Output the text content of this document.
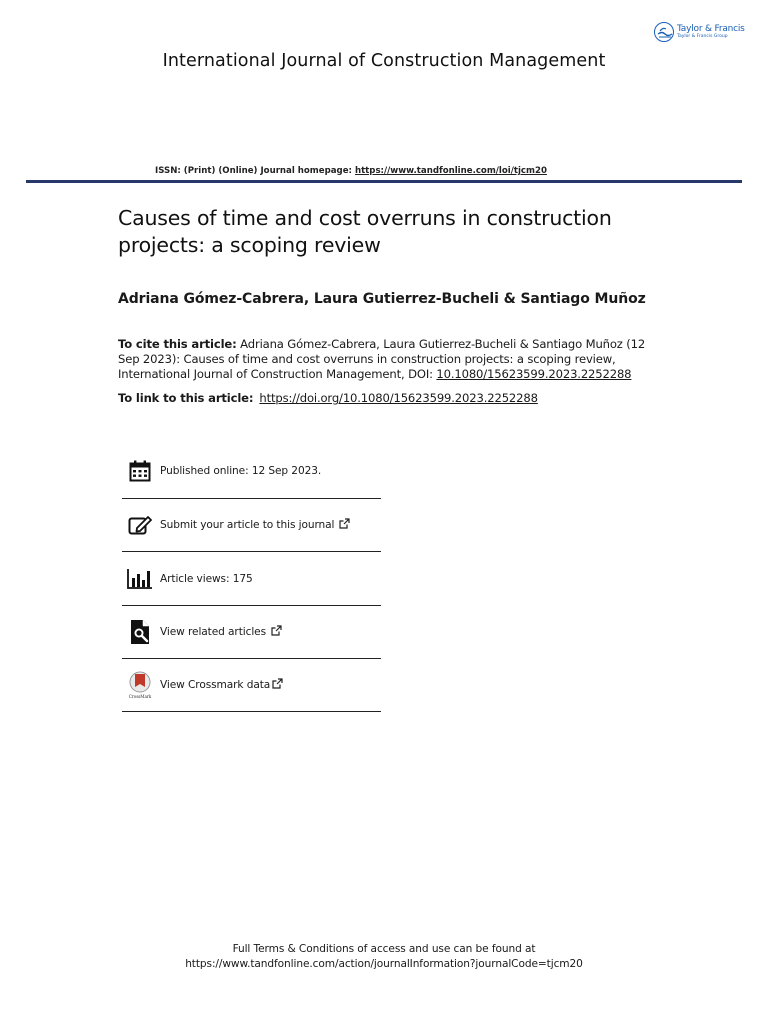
Taylor & Francis
Taylor & Francis Group
International Journal of Construction Management
ISSN: (Print) (Online) Journal homepage: https://www.tandfonline.com/loi/tjcm20
Causes of time and cost overruns in construction projects: a scoping review
Adriana Gómez-Cabrera, Laura Gutierrez-Bucheli & Santiago Muñoz
To cite this article: Adriana Gómez-Cabrera, Laura Gutierrez-Bucheli & Santiago Muñoz (12 Sep 2023): Causes of time and cost overruns in construction projects: a scoping review, International Journal of Construction Management, DOI: 10.1080/15623599.2023.2252288
To link to this article: https://doi.org/10.1080/15623599.2023.2252288
Published online: 12 Sep 2023.
Submit your article to this journal
Article views: 175
View related articles
CrossMark
View Crossmark data
Full Terms & Conditions of access and use can be found at
https://www.tandfonline.com/action/journalInformation?journalCode=tjcm20
